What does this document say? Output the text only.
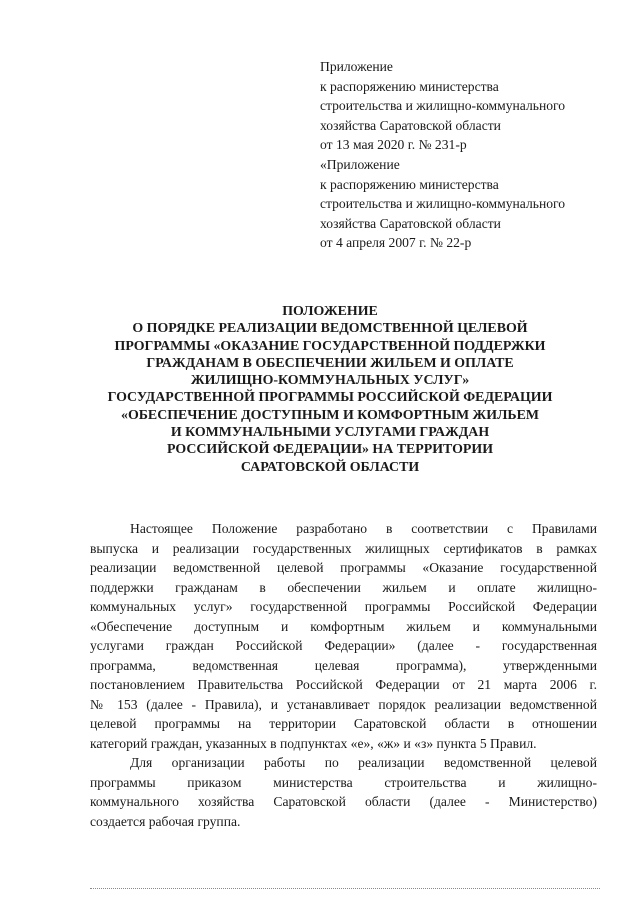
Приложение
к распоряжению министерства
строительства и жилищно-коммунального
хозяйства Саратовской области
от 13 мая 2020 г. № 231-р
«Приложение
к распоряжению министерства
строительства и жилищно-коммунального
хозяйства Саратовской области
от 4 апреля 2007 г. № 22-р
ПОЛОЖЕНИЕ
О ПОРЯДКЕ РЕАЛИЗАЦИИ ВЕДОМСТВЕННОЙ ЦЕЛЕВОЙ
ПРОГРАММЫ «ОКАЗАНИЕ ГОСУДАРСТВЕННОЙ ПОДДЕРЖКИ
ГРАЖДАНАМ В ОБЕСПЕЧЕНИИ ЖИЛЬЕМ И ОПЛАТЕ
ЖИЛИЩНО-КОММУНАЛЬНЫХ УСЛУГ»
ГОСУДАРСТВЕННОЙ ПРОГРАММЫ РОССИЙСКОЙ ФЕДЕРАЦИИ
«ОБЕСПЕЧЕНИЕ ДОСТУПНЫМ И КОМФОРТНЫМ ЖИЛЬЕМ
И КОММУНАЛЬНЫМИ УСЛУГАМИ ГРАЖДАН
РОССИЙСКОЙ ФЕДЕРАЦИИ» НА ТЕРРИТОРИИ
САРАТОВСКОЙ ОБЛАСТИ
Настоящее Положение разработано в соответствии с Правилами
выпуска и реализации государственных жилищных сертификатов в рамках
реализации ведомственной целевой программы «Оказание государственной
поддержки гражданам в обеспечении жильем и оплате жилищно-
коммунальных услуг» государственной программы Российской Федерации
«Обеспечение доступным и комфортным жильем и коммунальными
услугами граждан Российской Федерации» (далее - государственная
программа, ведомственная целевая программа), утвержденными
постановлением Правительства Российской Федерации от 21 марта 2006 г.
№ 153 (далее - Правила), и устанавливает порядок реализации ведомственной
целевой программы на территории Саратовской области в отношении
категорий граждан, указанных в подпунктах «е», «ж» и «з» пункта 5 Правил.
Для организации работы по реализации ведомственной целевой
программы приказом министерства строительства и жилищно-
коммунального хозяйства Саратовской области (далее - Министерство)
создается рабочая группа.
